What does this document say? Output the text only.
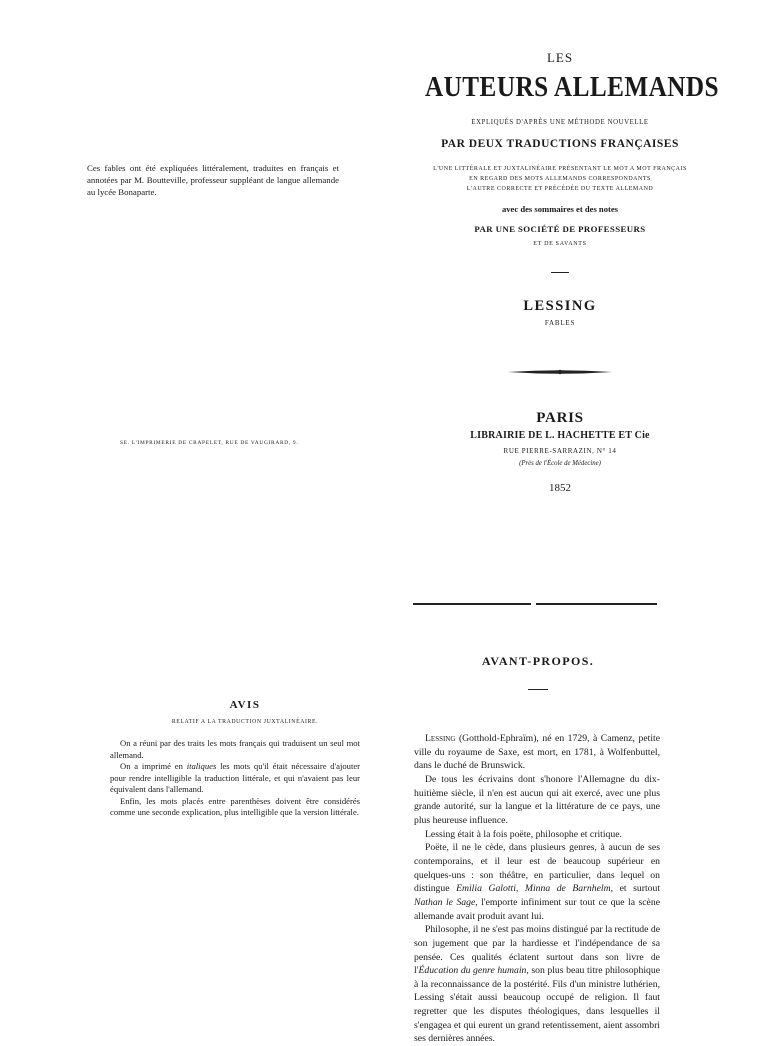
Ces fables ont été expliquées littéralement, traduites en français et annotées par M. Boutteville, professeur suppléant de langue allemande au lycée Bonaparte.
SE. L'IMPRIMERIE DE CRAPELET, RUE DE VAUGIRARD, 9.
AVIS
RELATIF A LA TRADUCTION JUXTALINÉAIRE.

On a réuni par des traits les mots français qui traduisent un seul mot allemand.

On a imprimé en italiques les mots qu'il était nécessaire d'ajouter pour rendre intelligible la traduction littérale, et qui n'avaient pas leur équivalent dans l'allemand.

Enfin, les mots placés entre parenthèses doivent être considérés comme une seconde explication, plus intelligible que la version littérale.

LES
AUTEURS ALLEMANDS
EXPLIQUÉS D'APRÈS UNE MÉTHODE NOUVELLE
PAR DEUX TRADUCTIONS FRANÇAISES
L'UNE LITTÉRALE ET JUXTALINÉAIRE PRÉSENTANT LE MOT A MOT FRANÇAIS
EN REGARD DES MOTS ALLEMANDS CORRESPONDANTS
L'AUTRE CORRECTE ET PRÉCÉDÉE DU TEXTE ALLEMAND
avec des sommaires et des notes
PAR UNE SOCIÉTÉ DE PROFESSEURS
ET DE SAVANTS
LESSING
FABLES
PARIS
LIBRAIRIE DE L. HACHETTE ET Cie
RUE PIERRE-SARRAZIN, N° 14
(Près de l'École de Médecine)
1852
AVANT-PROPOS.

Lessing (Gotthold-Ephraïm), né en 1729, à Camenz, petite ville du royaume de Saxe, est mort, en 1781, à Wolfenbuttel, dans le duché de Brunswick.

De tous les écrivains dont s'honore l'Allemagne du dix-huitième siècle, il n'en est aucun qui ait exercé, avec une plus grande autorité, sur la langue et la littérature de ce pays, une plus heureuse influence.

Lessing était à la fois poëte, philosophe et critique.

Poëte, il ne le cède, dans plusieurs genres, à aucun de ses contemporains, et il leur est de beaucoup supérieur en quelques-uns : son théâtre, en particulier, dans lequel on distingue Emilia Galotti, Minna de Barnhelm, et surtout Nathan le Sage, l'emporte infiniment sur tout ce que la scène allemande avait produit avant lui.

Philosophe, il ne s'est pas moins distingué par la rectitude de son jugement que par la hardiesse et l'indépendance de sa pensée. Ces qualités éclatent surtout dans son livre de l'Éducation du genre humain, son plus beau titre philosophique à la reconnaissance de la postérité. Fils d'un ministre luthérien, Lessing s'était aussi beaucoup occupé de religion. Il faut regretter que les disputes théologiques, dans lesquelles il s'engagea et qui eurent un grand retentissement, aient assombri ses dernières années.
